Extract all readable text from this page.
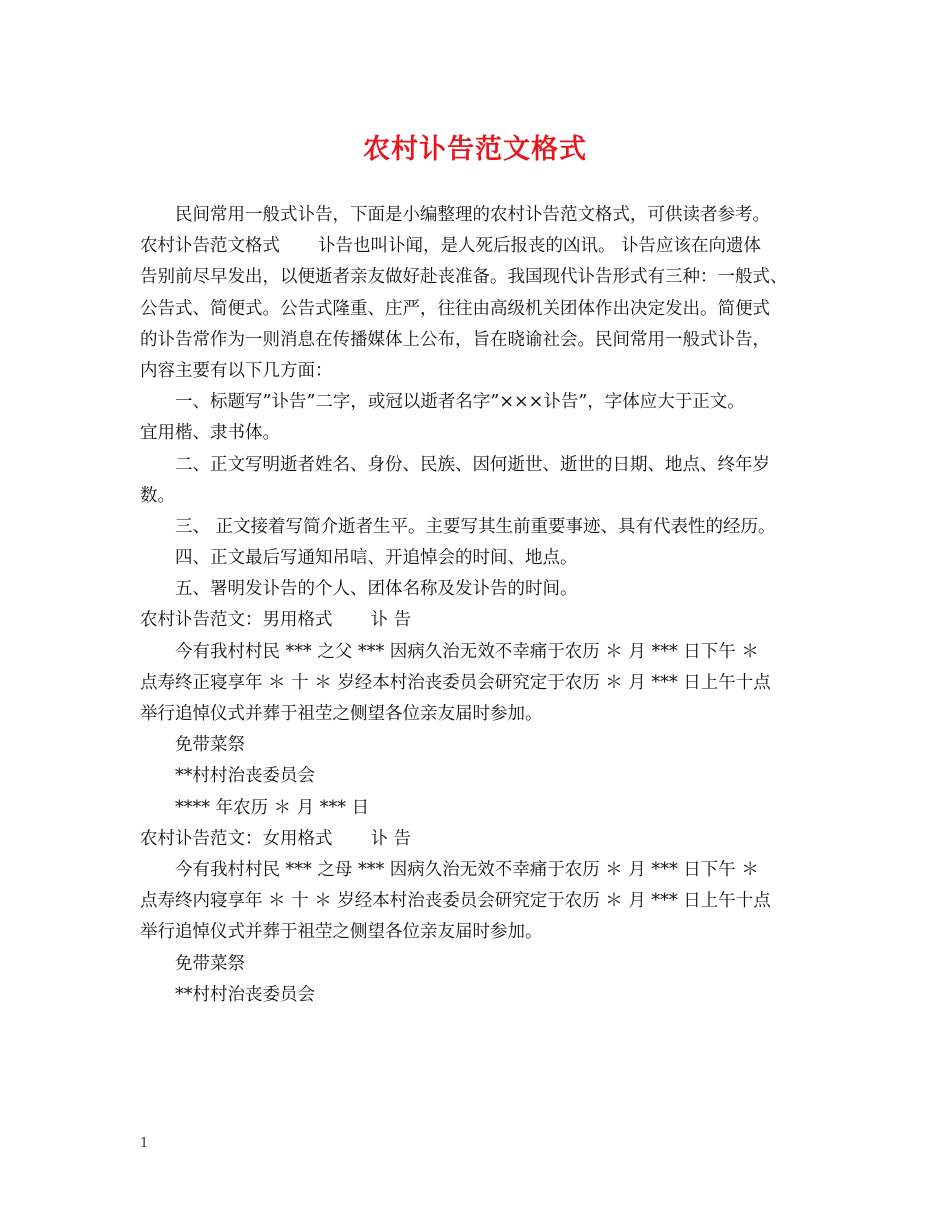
农村讣告范文格式
民间常用一般式讣告，下面是小编整理的农村讣告范文格式，可供读者参考。
农村讣告范文格式 讣告也叫讣闻，是人死后报丧的凶讯。 讣告应该在向遗体
告别前尽早发出，以便逝者亲友做好赴丧准备。我国现代讣告形式有三种：一般式、
公告式、简便式。公告式隆重、庄严，往往由高级机关团体作出决定发出。简便式
的讣告常作为一则消息在传播媒体上公布，旨在晓谕社会。民间常用一般式讣告，
内容主要有以下几方面：
一、标题写”讣告”二字，或冠以逝者名字”×××讣告”，字体应大于正文。
宜用楷、隶书体。
二、正文写明逝者姓名、身份、民族、因何逝世、逝世的日期、地点、终年岁
数。
三、 正文接着写简介逝者生平。主要写其生前重要事迹、具有代表性的经历。
四、正文最后写通知吊唁、开追悼会的时间、地点。
五、署明发讣告的个人、团体名称及发讣告的时间。
农村讣告范文：男用格式 讣 告
今有我村村民 *** 之父 *** 因病久治无效不幸痛于农历 ＊ 月 *** 日下午 ＊
点寿终正寝享年 ＊ 十 ＊ 岁经本村治丧委员会研究定于农历 ＊ 月 *** 日上午十点
举行追悼仪式并葬于祖茔之侧望各位亲友届时参加。
免带菜祭
**村村治丧委员会
**** 年农历 ＊ 月 *** 日
农村讣告范文：女用格式 讣 告
今有我村村民 *** 之母 *** 因病久治无效不幸痛于农历 ＊ 月 *** 日下午 ＊
点寿终内寝享年 ＊ 十 ＊ 岁经本村治丧委员会研究定于农历 ＊ 月 *** 日上午十点
举行追悼仪式并葬于祖茔之侧望各位亲友届时参加。
免带菜祭
**村村治丧委员会
1
